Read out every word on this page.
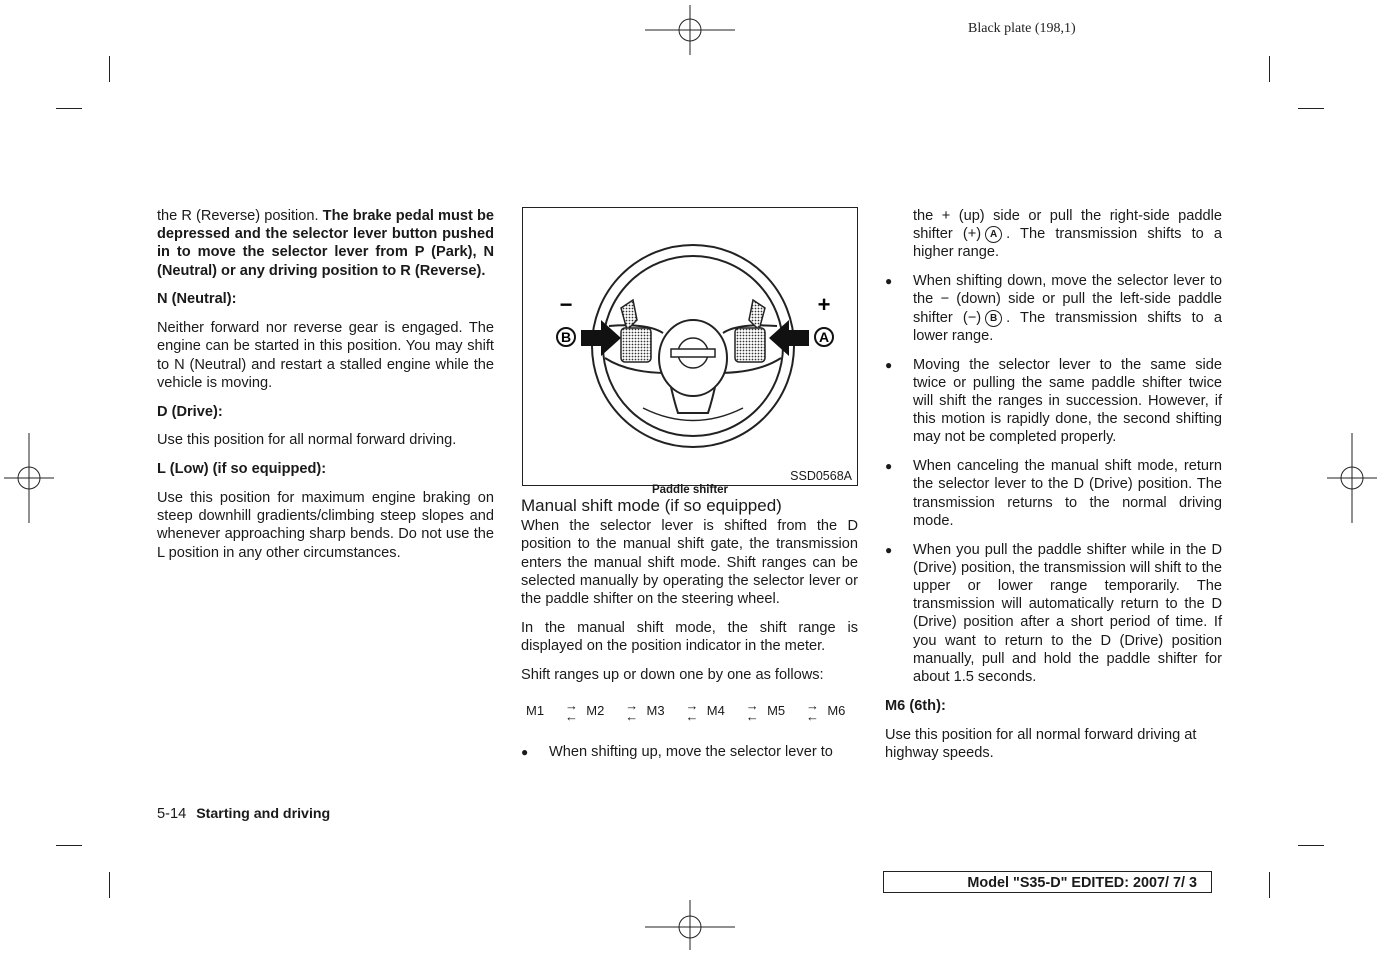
Black plate (198,1)

the R (Reverse) position. The brake pedal must be depressed and the selector lever button pushed in to move the selector lever from P (Park), N (Neutral) or any driving position to R (Reverse).

N (Neutral):

Neither forward nor reverse gear is engaged. The engine can be started in this position. You may shift to N (Neutral) and restart a stalled engine while the vehicle is moving.

D (Drive):

Use this position for all normal forward driving.

L (Low) (if so equipped):

Use this position for maximum engine braking on steep downhill gradients/climbing steep slopes and whenever approaching sharp bends. Do not use the L position in any other circumstances.

B	A
−	+
SSD0568A
Paddle shifter
Manual shift mode (if so equipped)

When the selector lever is shifted from the D position to the manual shift gate, the transmission enters the manual shift mode. Shift ranges can be selected manually by operating the selector lever or the paddle shifter on the steering wheel.

In the manual shift mode, the shift range is displayed on the position indicator in the meter.

Shift ranges up or down one by one as follows:

M1	→
← M2	→
← M3	→
← M4	→
← M5	→
← M6
● When shifting up, move the selector lever to

the + (up) side or pull the right-side paddle shifter (+) A . The transmission shifts to a higher range.

● When shifting down, move the selector lever to the − (down) side or pull the left-side paddle shifter (−) B . The transmission shifts to a lower range.
● Moving the selector lever to the same side twice or pulling the same paddle shifter twice will shift the ranges in succession. However, if this motion is rapidly done, the second shifting may not be completed properly.
● When canceling the manual shift mode, return the selector lever to the D (Drive) position. The transmission returns to the normal driving mode.
● When you pull the paddle shifter while in the D (Drive) position, the transmission will shift to the upper or lower range temporarily. The transmission will automatically return to the D (Drive) position after a short period of time. If you want to return to the D (Drive) position manually, pull and hold the paddle shifter for about 1.5 seconds.
M6 (6th):

Use this position for all normal forward driving at highway speeds.

5-14 Starting and driving
Model "S35-D" EDITED: 2007/ 7/ 3
